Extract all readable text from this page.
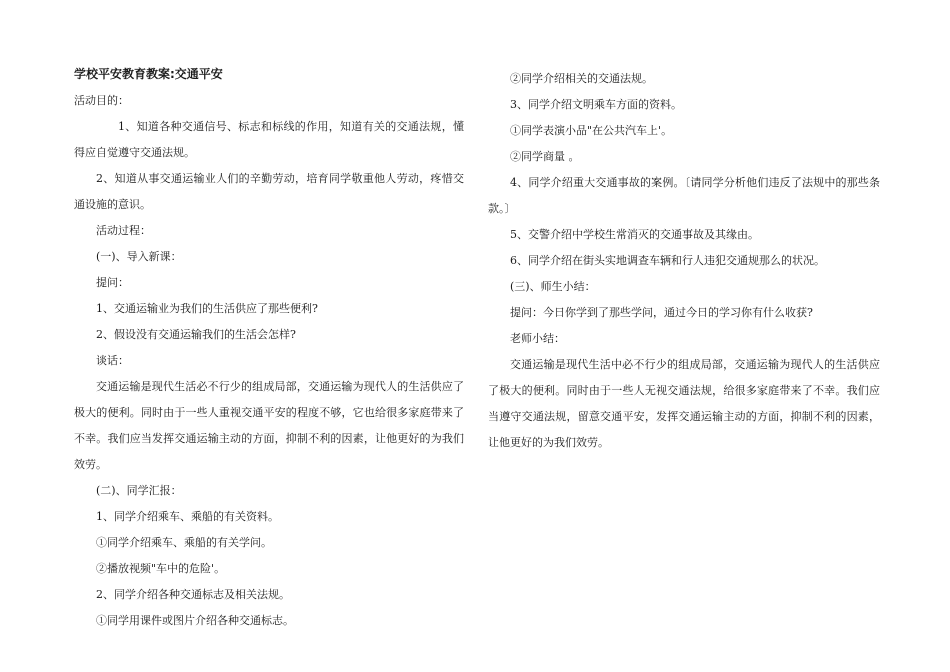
学校平安教育教案:交通平安
活动目的：
1、知道各种交通信号、标志和标线的作用，知道有关的交通法规，懂得应自觉遵守交通法规。
2、知道从事交通运输业人们的辛勤劳动，培育同学敬重他人劳动，疼惜交通设施的意识。
活动过程：
(一)、导入新课：
提问：
1、交通运输业为我们的生活供应了那些便利?
2、假设没有交通运输我们的生活会怎样?
谈话：
交通运输是现代生活必不行少的组成局部，交通运输为现代人的生活供应了极大的便利。同时由于一些人重视交通平安的程度不够，它也给很多家庭带来了不幸。我们应当发挥交通运输主动的方面，抑制不利的因素，让他更好的为我们效劳。
(二)、同学汇报：
1、同学介绍乘车、乘船的有关资料。
①同学介绍乘车、乘船的有关学问。
②播放视频"车中的危险'。
2、同学介绍各种交通标志及相关法规。
①同学用课件或图片介绍各种交通标志。
②同学介绍相关的交通法规。
3、同学介绍文明乘车方面的资料。
①同学表演小品"在公共汽车上'。
②同学商量 。
4、同学介绍重大交通事故的案例。〔请同学分析他们违反了法规中的那些条款。〕
5、交警介绍中学校生常消灭的交通事故及其缘由。
6、同学介绍在街头实地调查车辆和行人违犯交通规那么的状况。
(三)、师生小结：
提问：今日你学到了那些学问，通过今日的学习你有什么收获?
老师小结：
交通运输是现代生活中必不行少的组成局部，交通运输为现代人的生活供应了极大的便利。同时由于一些人无视交通法规，给很多家庭带来了不幸。我们应当遵守交通法规，留意交通平安，发挥交通运输主动的方面，抑制不利的因素，让他更好的为我们效劳。
